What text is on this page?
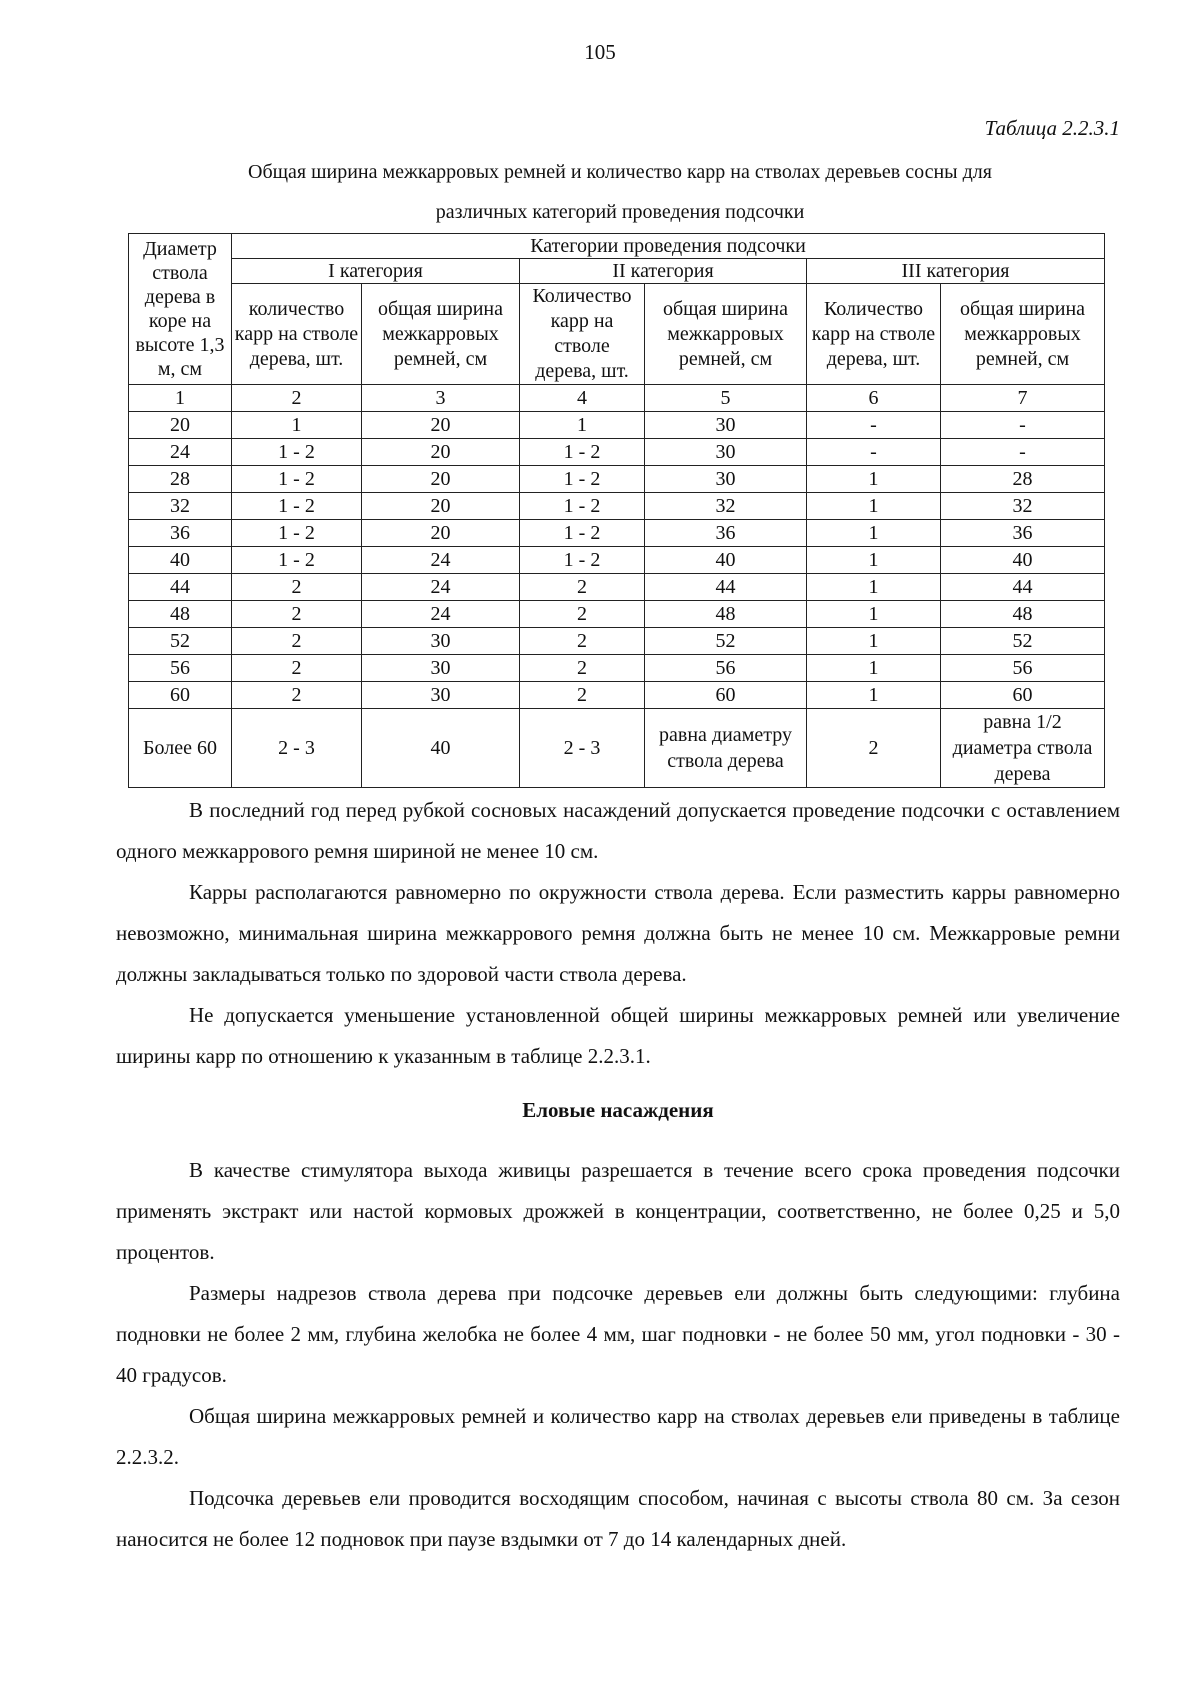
105
Таблица 2.2.3.1
Общая ширина межкарровых ремней и количество карр на стволах деревьев сосны для различных категорий проведения подсочки
Диаметр ствола дерева в коре на высоте 1,3 м, см	Категории проведения подсочки					
	I категория		II категория		III категория	
	количество карр на стволе дерева, шт.	общая ширина межкарровых ремней, см	Количество карр на стволе дерева, шт.	общая ширина межкарровых ремней, см	Количество карр на стволе дерева, шт.	общая ширина межкарровых ремней, см
1	2	3	4	5	6	7
20	1	20	1	30	-	-
24	1 - 2	20	1 - 2	30	-	-
28	1 - 2	20	1 - 2	30	1	28
32	1 - 2	20	1 - 2	32	1	32
36	1 - 2	20	1 - 2	36	1	36
40	1 - 2	24	1 - 2	40	1	40
44	2	24	2	44	1	44
48	2	24	2	48	1	48
52	2	30	2	52	1	52
56	2	30	2	56	1	56
60	2	30	2	60	1	60
Более 60	2 - 3	40	2 - 3	равна диаметру ствола дерева	2	равна 1/2 диаметра ствола дерева

В последний год перед рубкой сосновых насаждений допускается проведение подсочки с оставлением одного межкаррового ремня шириной не менее 10 см.

Карры располагаются равномерно по окружности ствола дерева. Если разместить карры равномерно невозможно, минимальная ширина межкаррового ремня должна быть не менее 10 см. Межкарровые ремни должны закладываться только по здоровой части ствола дерева.

Не допускается уменьшение установленной общей ширины межкарровых ремней или увеличение ширины карр по отношению к указанным в таблице 2.2.3.1.

Еловые насаждения

В качестве стимулятора выхода живицы разрешается в течение всего срока проведения подсочки применять экстракт или настой кормовых дрожжей в концентрации, соответственно, не более 0,25 и 5,0 процентов.

Размеры надрезов ствола дерева при подсочке деревьев ели должны быть следующими: глубина подновки не более 2 мм, глубина желобка не более 4 мм, шаг подновки - не более 50 мм, угол подновки - 30 - 40 градусов.

Общая ширина межкарровых ремней и количество карр на стволах деревьев ели приведены в таблице 2.2.3.2.

Подсочка деревьев ели проводится восходящим способом, начиная с высоты ствола 80 см. За сезон наносится не более 12 подновок при паузе вздымки от 7 до 14 календарных дней.
